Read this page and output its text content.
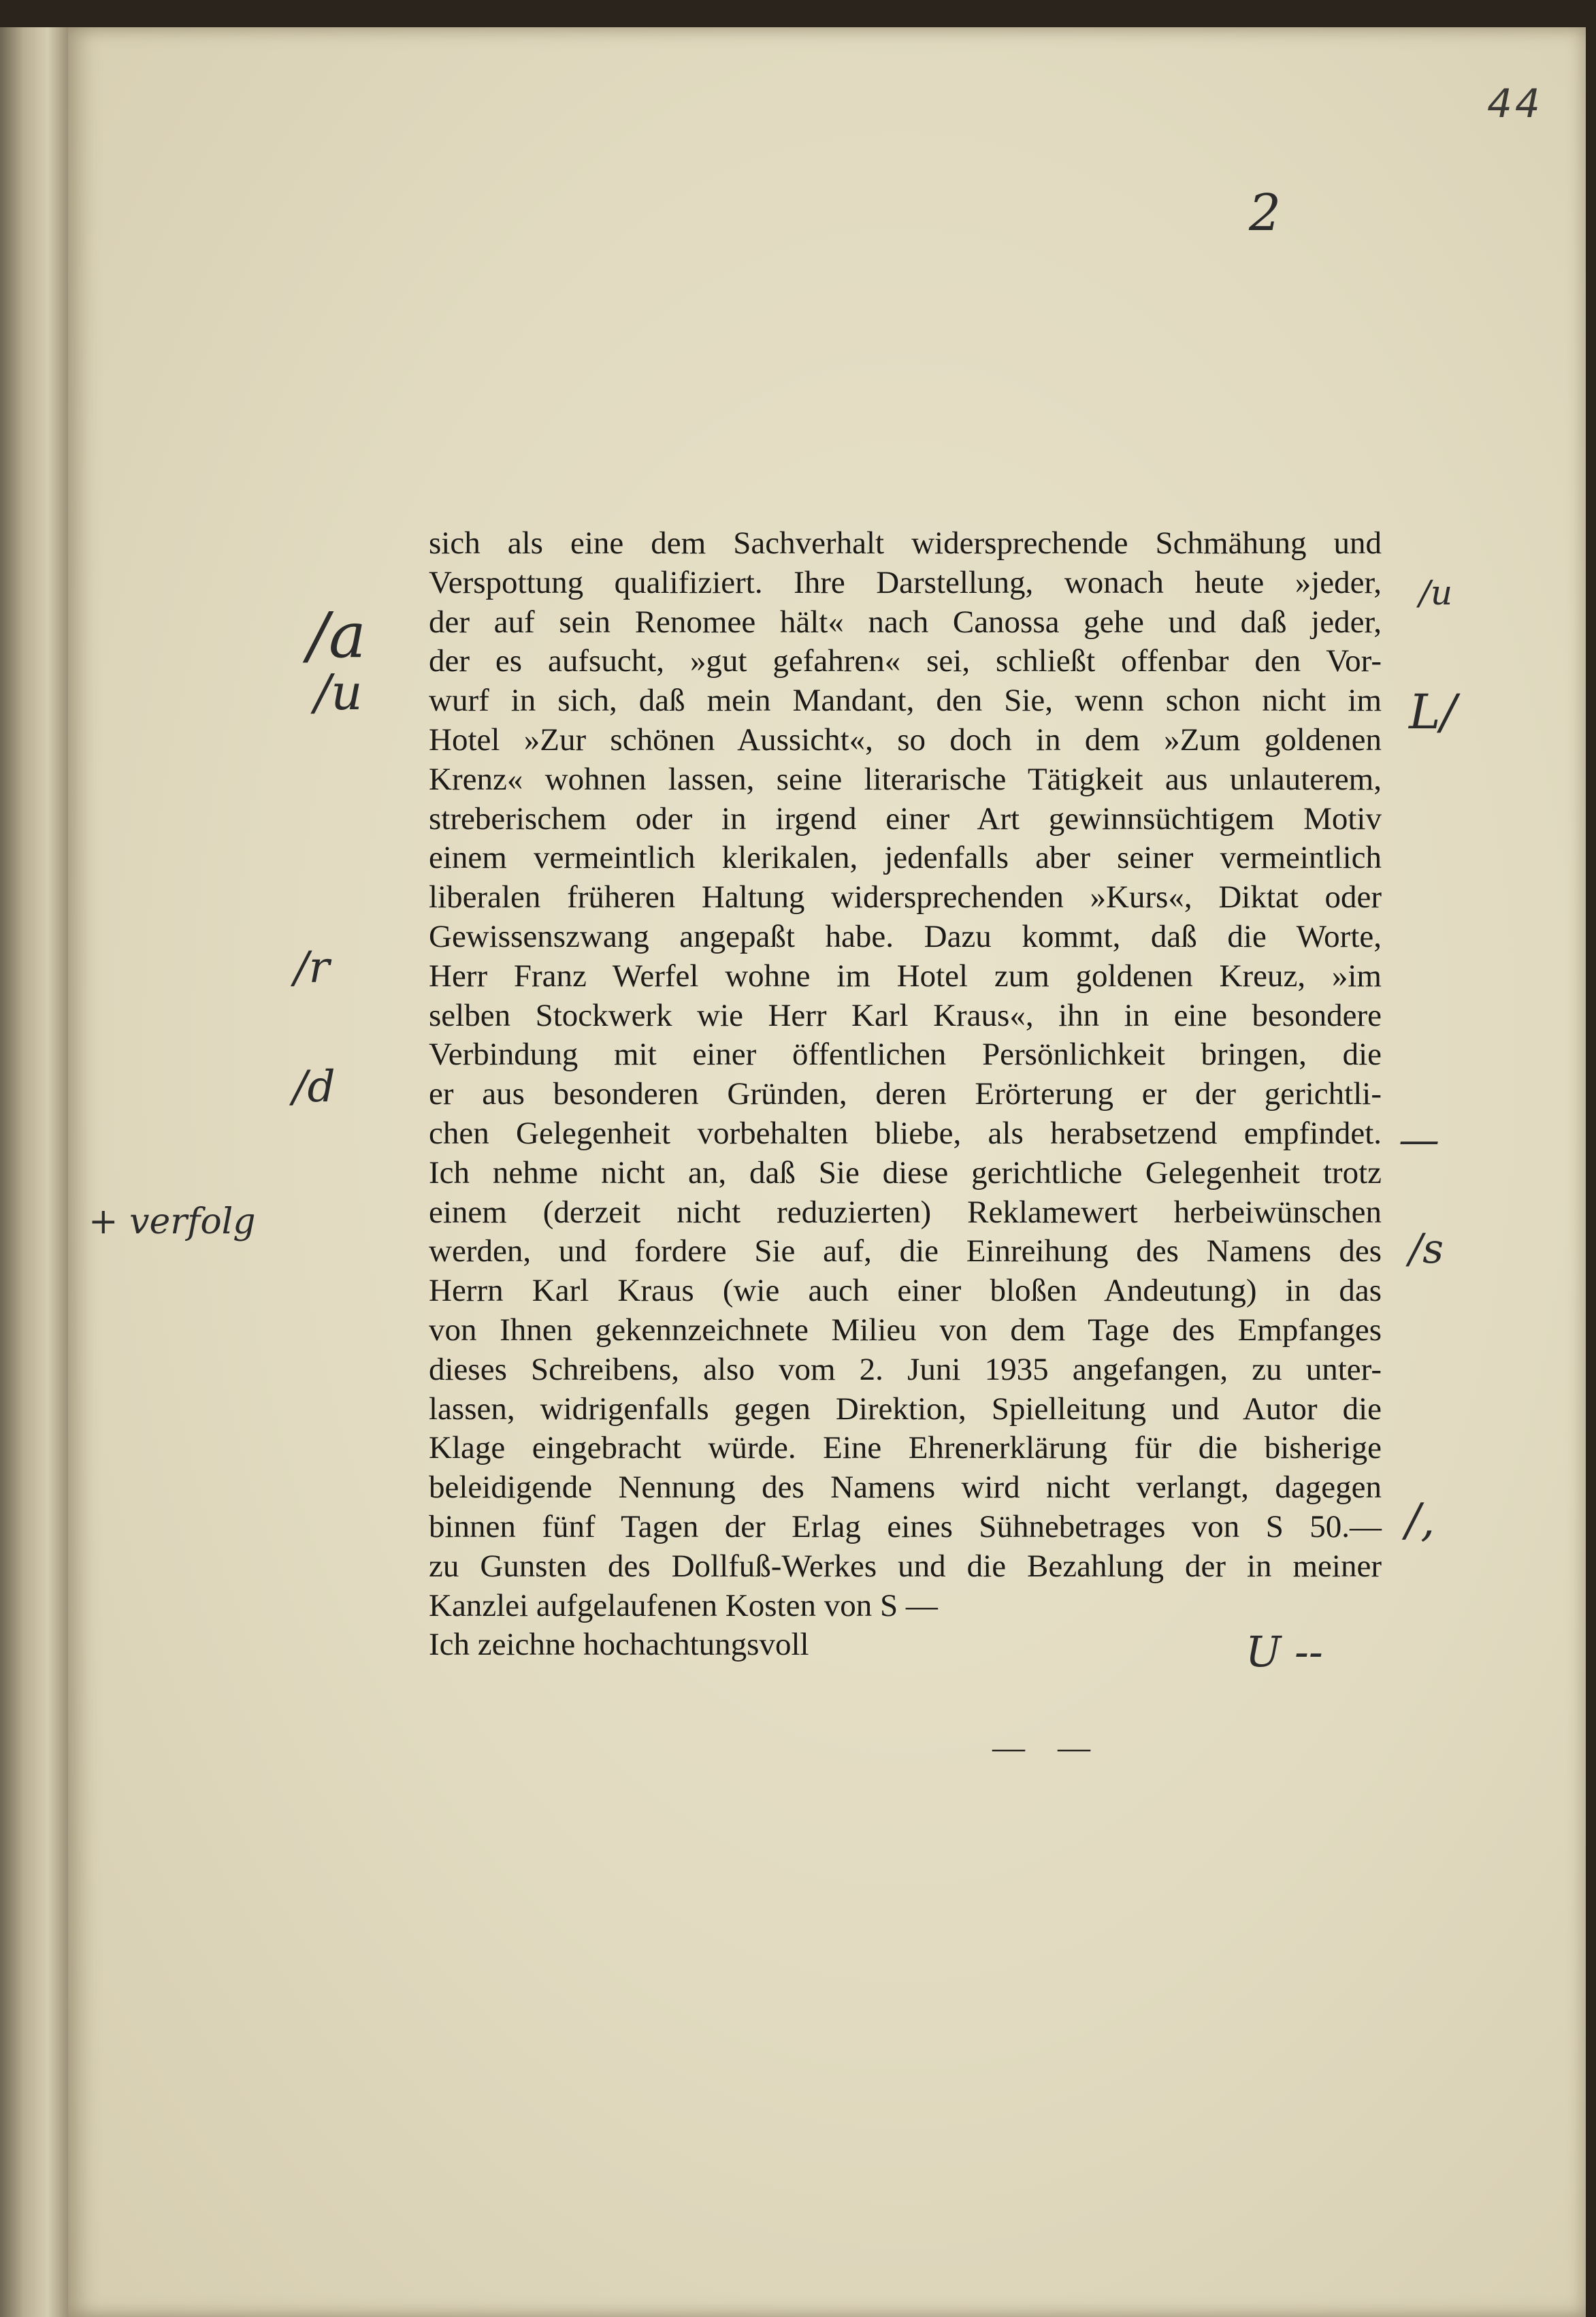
44
2
/a
/u
/r
/d
+ verfolg
/u
L/
—
/s
/,
U --
sich als eine dem Sachverhalt widersprechende Schmähung und
Verspottung qualifiziert. Ihre Darstellung, wonach heute »jeder,
der auf sein Renomee hält« nach Canossa gehe und daß jeder,
der es aufsucht, »gut gefahren« sei, schließt offenbar den Vor-
wurf in sich, daß mein Mandant, den Sie, wenn schon nicht im
Hotel »Zur schönen Aussicht«, so doch in dem »Zum goldenen
Krenz« wohnen lassen, seine literarische Tätigkeit aus unlauterem,
streberischem oder in irgend einer Art gewinnsüchtigem Motiv
einem vermeintlich klerikalen, jedenfalls aber seiner vermeintlich
liberalen früheren Haltung widersprechenden »Kurs«, Diktat oder
Gewissenszwang angepaßt habe. Dazu kommt, daß die Worte,
Herr Franz Werfel wohne im Hotel zum goldenen Kreuz, »im
selben Stockwerk wie Herr Karl Kraus«, ihn in eine besondere
Verbindung mit einer öffentlichen Persönlichkeit bringen, die
er aus besonderen Gründen, deren Erörterung er der gerichtli-
chen Gelegenheit vorbehalten bliebe, als herabsetzend empfindet.
Ich nehme nicht an, daß Sie diese gerichtliche Gelegenheit trotz
einem (derzeit nicht reduzierten) Reklamewert herbeiwünschen
werden, und fordere Sie auf, die Einreihung des Namens des
Herrn Karl Kraus (wie auch einer bloßen Andeutung) in das
von Ihnen gekennzeichnete Milieu von dem Tage des Empfanges
dieses Schreibens, also vom 2. Juni 1935 angefangen, zu unter-
lassen, widrigenfalls gegen Direktion, Spielleitung und Autor die
Klage eingebracht würde. Eine Ehrenerklärung für die bisherige
beleidigende Nennung des Namens wird nicht verlangt, dagegen
binnen fünf Tagen der Erlag eines Sühnebetrages von S 50.—
zu Gunsten des Dollfuß-Werkes und die Bezahlung der in meiner
Kanzlei aufgelaufenen Kosten von S —
Ich zeichne hochachtungsvoll
— —
